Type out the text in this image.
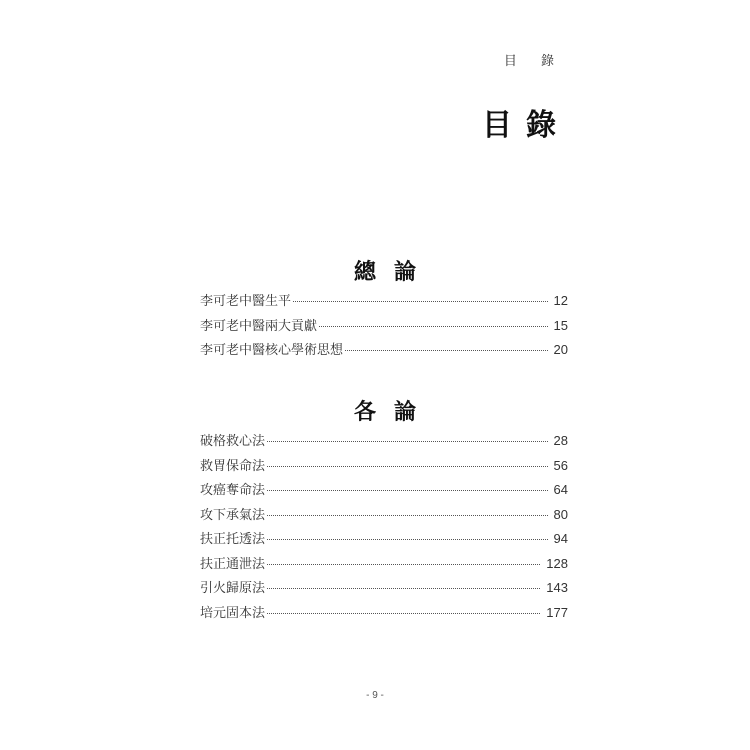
目 錄
目錄
總論
李可老中醫生平	12
李可老中醫兩大貢獻	15
李可老中醫核心學術思想	20
各論
破格救心法	28
救胃保命法	56
攻癌奪命法	64
攻下承氣法	80
扶正托透法	94
扶正通泄法	128
引火歸原法	143
培元固本法	177
- 9 -
